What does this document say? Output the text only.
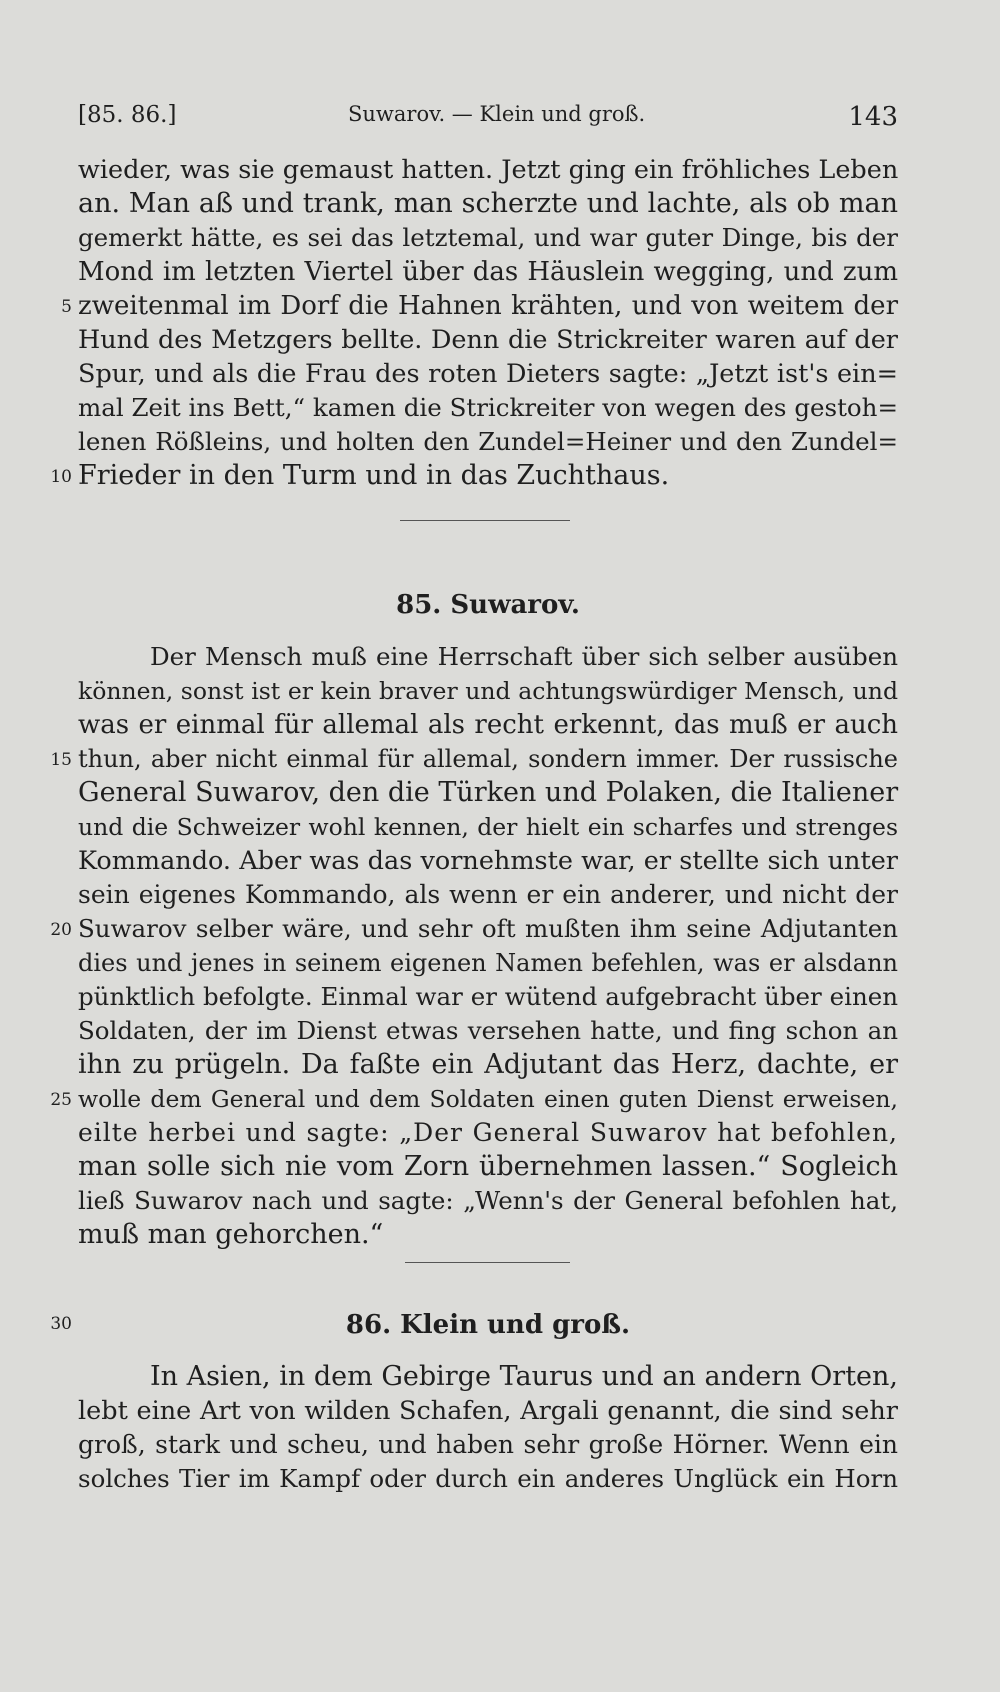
[85. 86.]	Suwarov. — Klein und groß.	143
wieder, was sie gemaust hatten. Jetzt ging ein fröhliches Leben
an. Man aß und trank, man scherzte und lachte, als ob man
gemerkt hätte, es sei das letztemal, und war guter Dinge, bis der
Mond im letzten Viertel über das Häuslein wegging, und zum
zweitenmal im Dorf die Hahnen krähten, und von weitem der
Hund des Metzgers bellte. Denn die Strickreiter waren auf der
Spur, und als die Frau des roten Dieters sagte: „Jetzt ist's ein=
mal Zeit ins Bett,“ kamen die Strickreiter von wegen des gestoh=
lenen Rößleins, und holten den Zundel=Heiner und den Zundel=
Frieder in den Turm und in das Zuchthaus.
85. Suwarov.
Der Mensch muß eine Herrschaft über sich selber ausüben
können, sonst ist er kein braver und achtungswürdiger Mensch, und
was er einmal für allemal als recht erkennt, das muß er auch
thun, aber nicht einmal für allemal, sondern immer. Der russische
General Suwarov, den die Türken und Polaken, die Italiener
und die Schweizer wohl kennen, der hielt ein scharfes und strenges
Kommando. Aber was das vornehmste war, er stellte sich unter
sein eigenes Kommando, als wenn er ein anderer, und nicht der
Suwarov selber wäre, und sehr oft mußten ihm seine Adjutanten
dies und jenes in seinem eigenen Namen befehlen, was er alsdann
pünktlich befolgte. Einmal war er wütend aufgebracht über einen
Soldaten, der im Dienst etwas versehen hatte, und fing schon an
ihn zu prügeln. Da faßte ein Adjutant das Herz, dachte, er
wolle dem General und dem Soldaten einen guten Dienst erweisen,
eilte herbei und sagte: „Der General Suwarov hat befohlen,
man solle sich nie vom Zorn übernehmen lassen.“ Sogleich
ließ Suwarov nach und sagte: „Wenn's der General befohlen hat,
muß man gehorchen.“
86. Klein und groß.
In Asien, in dem Gebirge Taurus und an andern Orten,
lebt eine Art von wilden Schafen, Argali genannt, die sind sehr
groß, stark und scheu, und haben sehr große Hörner. Wenn ein
solches Tier im Kampf oder durch ein anderes Unglück ein Horn
5
10
15
20
25
30
